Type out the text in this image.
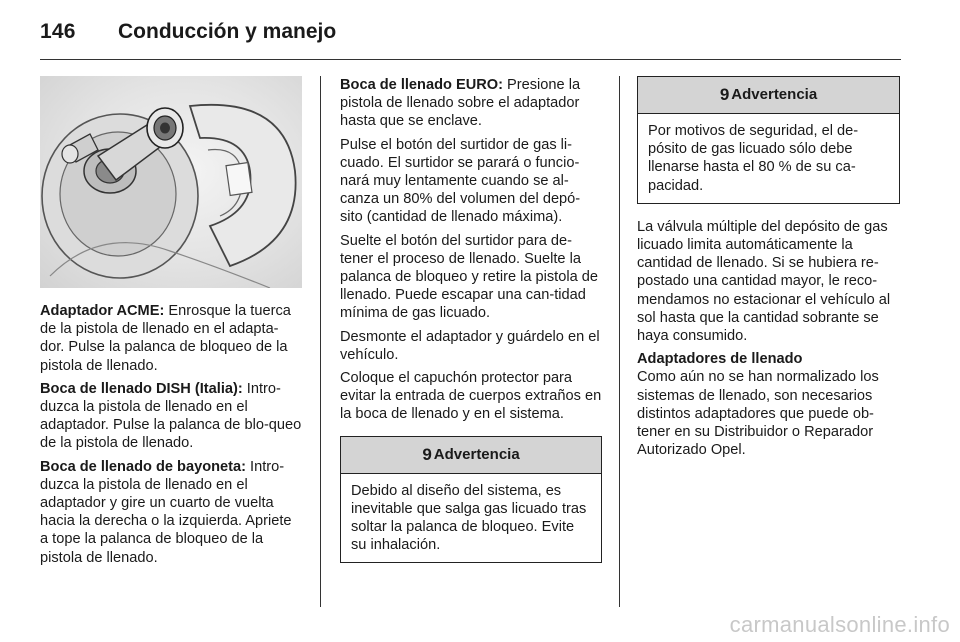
146 Conducción y manejo

Adaptador ACME: Enrosque la tuerca de la pistola de llenado en el adapta-dor. Pulse la palanca de bloqueo de la pistola de llenado.

Boca de llenado DISH (Italia): Intro-duzca la pistola de llenado en el adaptador. Pulse la palanca de blo-queo de la pistola de llenado.

Boca de llenado de bayoneta: Intro-duzca la pistola de llenado en el adaptador y gire un cuarto de vuelta hacia la derecha o la izquierda. Apriete a tope la palanca de bloqueo de la pistola de llenado.

Boca de llenado EURO: Presione la pistola de llenado sobre el adaptador hasta que se enclave.

Pulse el botón del surtidor de gas li-cuado. El surtidor se parará o funcio-nará muy lentamente cuando se al-canza un 80% del volumen del depó-sito (cantidad de llenado máxima).

Suelte el botón del surtidor para de-tener el proceso de llenado. Suelte la palanca de bloqueo y retire la pistola de llenado. Puede escapar una can-tidad mínima de gas licuado.

Desmonte el adaptador y guárdelo en el vehículo.

Coloque el capuchón protector para evitar la entrada de cuerpos extraños en la boca de llenado y en el sistema.

9 Advertencia
Debido al diseño del sistema, es inevitable que salga gas licuado tras soltar la palanca de bloqueo. Evite su inhalación.
9 Advertencia
Por motivos de seguridad, el de-pósito de gas licuado sólo debe llenarse hasta el 80 % de su ca-pacidad.

La válvula múltiple del depósito de gas licuado limita automáticamente la cantidad de llenado. Si se hubiera re-postado una cantidad mayor, le reco-mendamos no estacionar el vehículo al sol hasta que la cantidad sobrante se haya consumido.

Adaptadores de llenado

Como aún no se han normalizado los sistemas de llenado, son necesarios distintos adaptadores que puede ob-tener en su Distribuidor o Reparador Autorizado Opel.

carmanualsonline.info
